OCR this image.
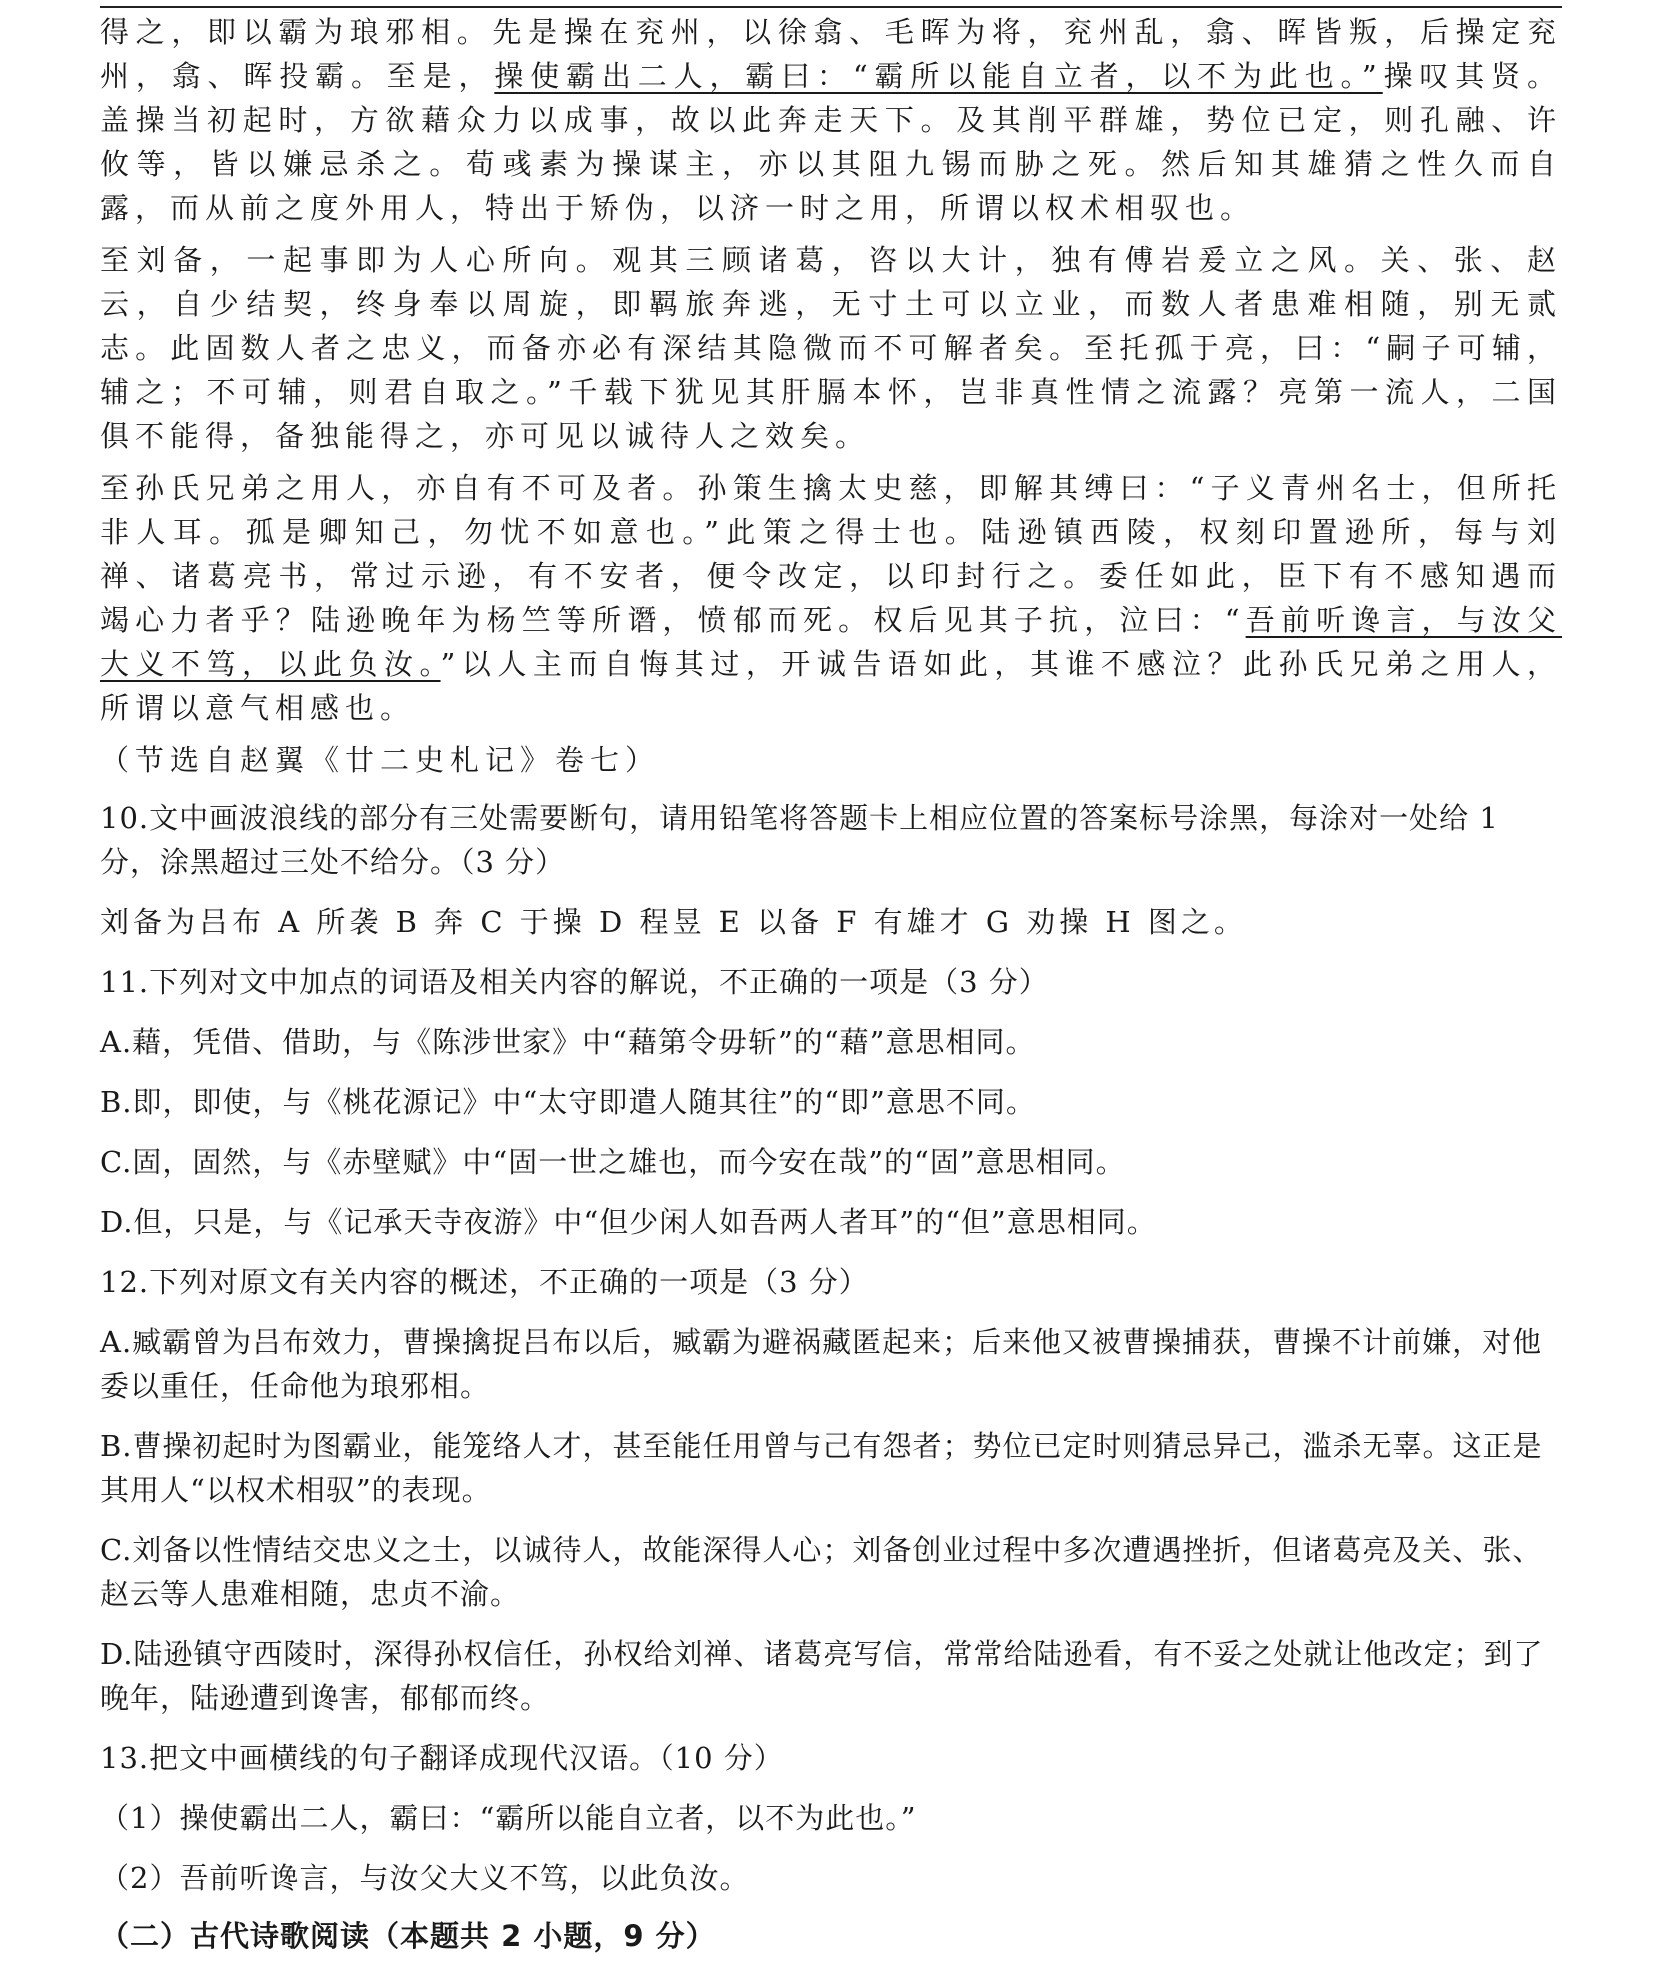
得之，即以霸为琅邪相。先是操在兖州，以徐翕、毛晖为将，兖州乱，翕、晖皆叛，后操定兖州，翕、晖投霸。至是，操使霸出二人，霸曰：“霸所以能自立者，以不为此也。”操叹其贤。盖操当初起时，方欲藉众力以成事，故以此奔走天下。及其削平群雄，势位已定，则孔融、许攸等，皆以嫌忌杀之。荀彧素为操谋主，亦以其阻九锡而胁之死。然后知其雄猜之性久而自露，而从前之度外用人，特出于矫伪，以济一时之用，所谓以权术相驭也。

至刘备，一起事即为人心所向。观其三顾诸葛，咨以大计，独有傅岩爰立之风。关、张、赵云，自少结契，终身奉以周旋，即羁旅奔逃，无寸土可以立业，而数人者患难相随，别无贰志。此固数人者之忠义，而备亦必有深结其隐微而不可解者矣。至托孤于亮，曰：“嗣子可辅，辅之；不可辅，则君自取之。”千载下犹见其肝膈本怀，岂非真性情之流露？亮第一流人，二国俱不能得，备独能得之，亦可见以诚待人之效矣。

至孙氏兄弟之用人，亦自有不可及者。孙策生擒太史慈，即解其缚曰：“子义青州名士，但所托非人耳。孤是卿知己，勿忧不如意也。”此策之得士也。陆逊镇西陵，权刻印置逊所，每与刘禅、诸葛亮书，常过示逊，有不安者，便令改定，以印封行之。委任如此，臣下有不感知遇而竭心力者乎？陆逊晚年为杨竺等所谮，愤郁而死。权后见其子抗，泣曰：“吾前听谗言，与汝父大义不笃，以此负汝。”以人主而自悔其过，开诚告语如此，其谁不感泣？此孙氏兄弟之用人，所谓以意气相感也。

（节选自赵翼《廿二史札记》卷七）

10.文中画波浪线的部分有三处需要断句，请用铅笔将答题卡上相应位置的答案标号涂黑，每涂对一处给 1 分，涂黑超过三处不给分。（3 分）

刘备为吕布 A 所袭 B 奔 C 于操 D 程昱 E 以备 F 有雄才 G 劝操 H 图之。

11.下列对文中加点的词语及相关内容的解说，不正确的一项是（3 分）

A.藉，凭借、借助，与《陈涉世家》中“藉第令毋斩”的“藉”意思相同。

B.即，即使，与《桃花源记》中“太守即遣人随其往”的“即”意思不同。

C.固，固然，与《赤壁赋》中“固一世之雄也，而今安在哉”的“固”意思相同。

D.但，只是，与《记承天寺夜游》中“但少闲人如吾两人者耳”的“但”意思相同。

12.下列对原文有关内容的概述，不正确的一项是（3 分）

A.臧霸曾为吕布效力，曹操擒捉吕布以后，臧霸为避祸藏匿起来；后来他又被曹操捕获，曹操不计前嫌，对他委以重任，任命他为琅邪相。

B.曹操初起时为图霸业，能笼络人才，甚至能任用曾与己有怨者；势位已定时则猜忌异己，滥杀无辜。这正是其用人“以权术相驭”的表现。

C.刘备以性情结交忠义之士，以诚待人，故能深得人心；刘备创业过程中多次遭遇挫折，但诸葛亮及关、张、赵云等人患难相随，忠贞不渝。

D.陆逊镇守西陵时，深得孙权信任，孙权给刘禅、诸葛亮写信，常常给陆逊看，有不妥之处就让他改定；到了晚年，陆逊遭到谗害，郁郁而终。

13.把文中画横线的句子翻译成现代汉语。（10 分）

（1）操使霸出二人，霸曰：“霸所以能自立者，以不为此也。”

（2）吾前听谗言，与汝父大义不笃，以此负汝。

（二）古代诗歌阅读（本题共 2 小题，9 分）
